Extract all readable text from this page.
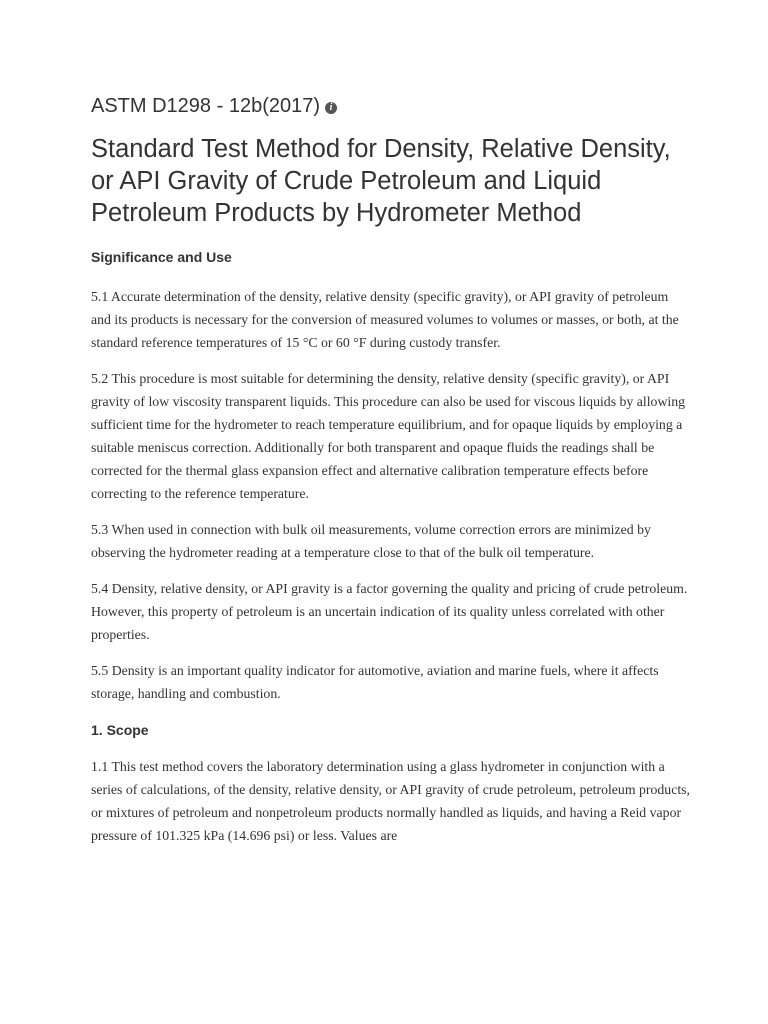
ASTM D1298 - 12b(2017) i
Standard Test Method for Density, Relative Density, or API Gravity of Crude Petroleum and Liquid Petroleum Products by Hydrometer Method
Significance and Use

5.1 Accurate determination of the density, relative density (specific gravity), or API gravity of petroleum and its products is necessary for the conversion of measured volumes to volumes or masses, or both, at the standard reference temperatures of 15 °C or 60 °F during custody transfer.

5.2 This procedure is most suitable for determining the density, relative density (specific gravity), or API gravity of low viscosity transparent liquids. This procedure can also be used for viscous liquids by allowing sufficient time for the hydrometer to reach temperature equilibrium, and for opaque liquids by employing a suitable meniscus correction. Additionally for both transparent and opaque fluids the readings shall be corrected for the thermal glass expansion effect and alternative calibration temperature effects before correcting to the reference temperature.

5.3 When used in connection with bulk oil measurements, volume correction errors are minimized by observing the hydrometer reading at a temperature close to that of the bulk oil temperature.

5.4 Density, relative density, or API gravity is a factor governing the quality and pricing of crude petroleum. However, this property of petroleum is an uncertain indication of its quality unless correlated with other properties.

5.5 Density is an important quality indicator for automotive, aviation and marine fuels, where it affects storage, handling and combustion.

1. Scope

1.1 This test method covers the laboratory determination using a glass hydrometer in conjunction with a series of calculations, of the density, relative density, or API gravity of crude petroleum, petroleum products, or mixtures of petroleum and nonpetroleum products normally handled as liquids, and having a Reid vapor pressure of 101.325 kPa (14.696 psi) or less. Values are
